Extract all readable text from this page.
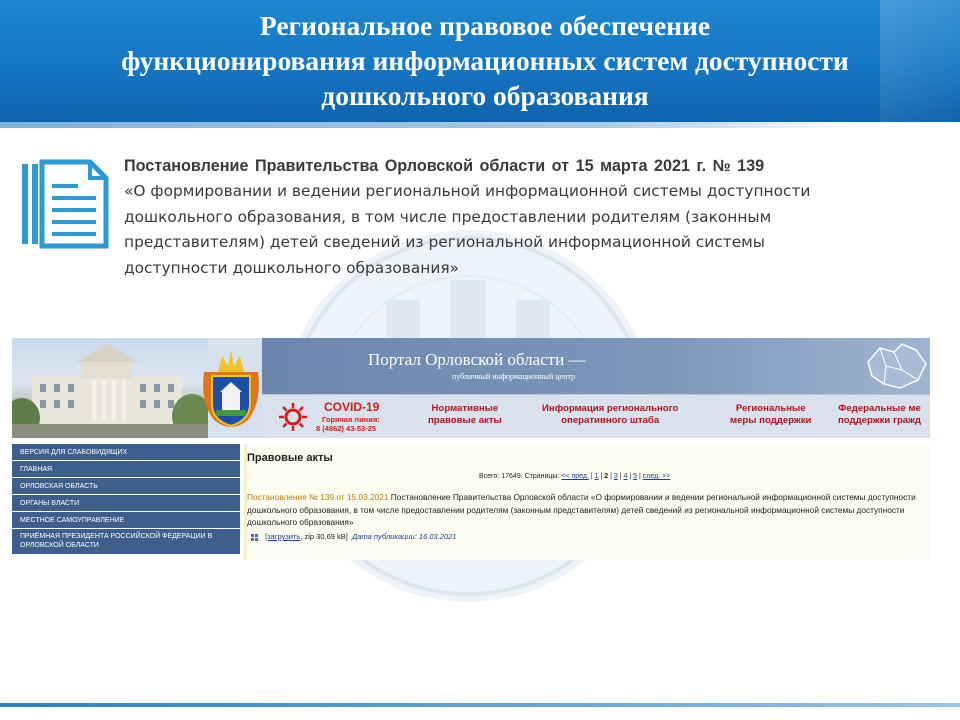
Региональное правовое обеспечение
функционирования информационных систем доступности
дошкольного образования
Постановление Правительства Орловской области от 15 марта 2021 г. № 139
«О формировании и ведении региональной информационной системы доступности
дошкольного образования, в том числе предоставлении родителям (законным
представителям) детей сведений из региональной информационной системы
доступности дошкольного образования»
Портал Орловской области —
публичный информационный центр
COVID-19
Горячая линия:
8 (4862) 43-53-25
Нормативные
правовые акты
Информация регионального
оперативного штаба
Региональные
меры поддержки
Федеральные ме
поддержки гражд
ВЕРСИЯ ДЛЯ СЛАБОВИДЯЩИХ
ГЛАВНАЯ
ОРЛОВСКАЯ ОБЛАСТЬ
ОРГАНЫ ВЛАСТИ
МЕСТНОЕ САМОУПРАВЛЕНИЕ
ПРИЁМНАЯ ПРЕЗИДЕНТА РОССИЙСКОЙ ФЕДЕРАЦИИ В ОРЛОВСКОЙ ОБЛАСТИ
Правовые акты
Всего: 17649. Страницы: << пред. | 1 | 2 | 3 | 4 | 5 | след. >>
Постановление № 139 от 15.03.2021 Постановление Правительства Орловской области «О формировании и ведении региональной информационной системы доступности дошкольного образования, в том числе предоставлении родителям (законным представителям) детей сведений из региональной информационной системы доступности дошкольного образования»
[загрузить, zip 30,69 kB] Дата публикации: 16.03.2021
